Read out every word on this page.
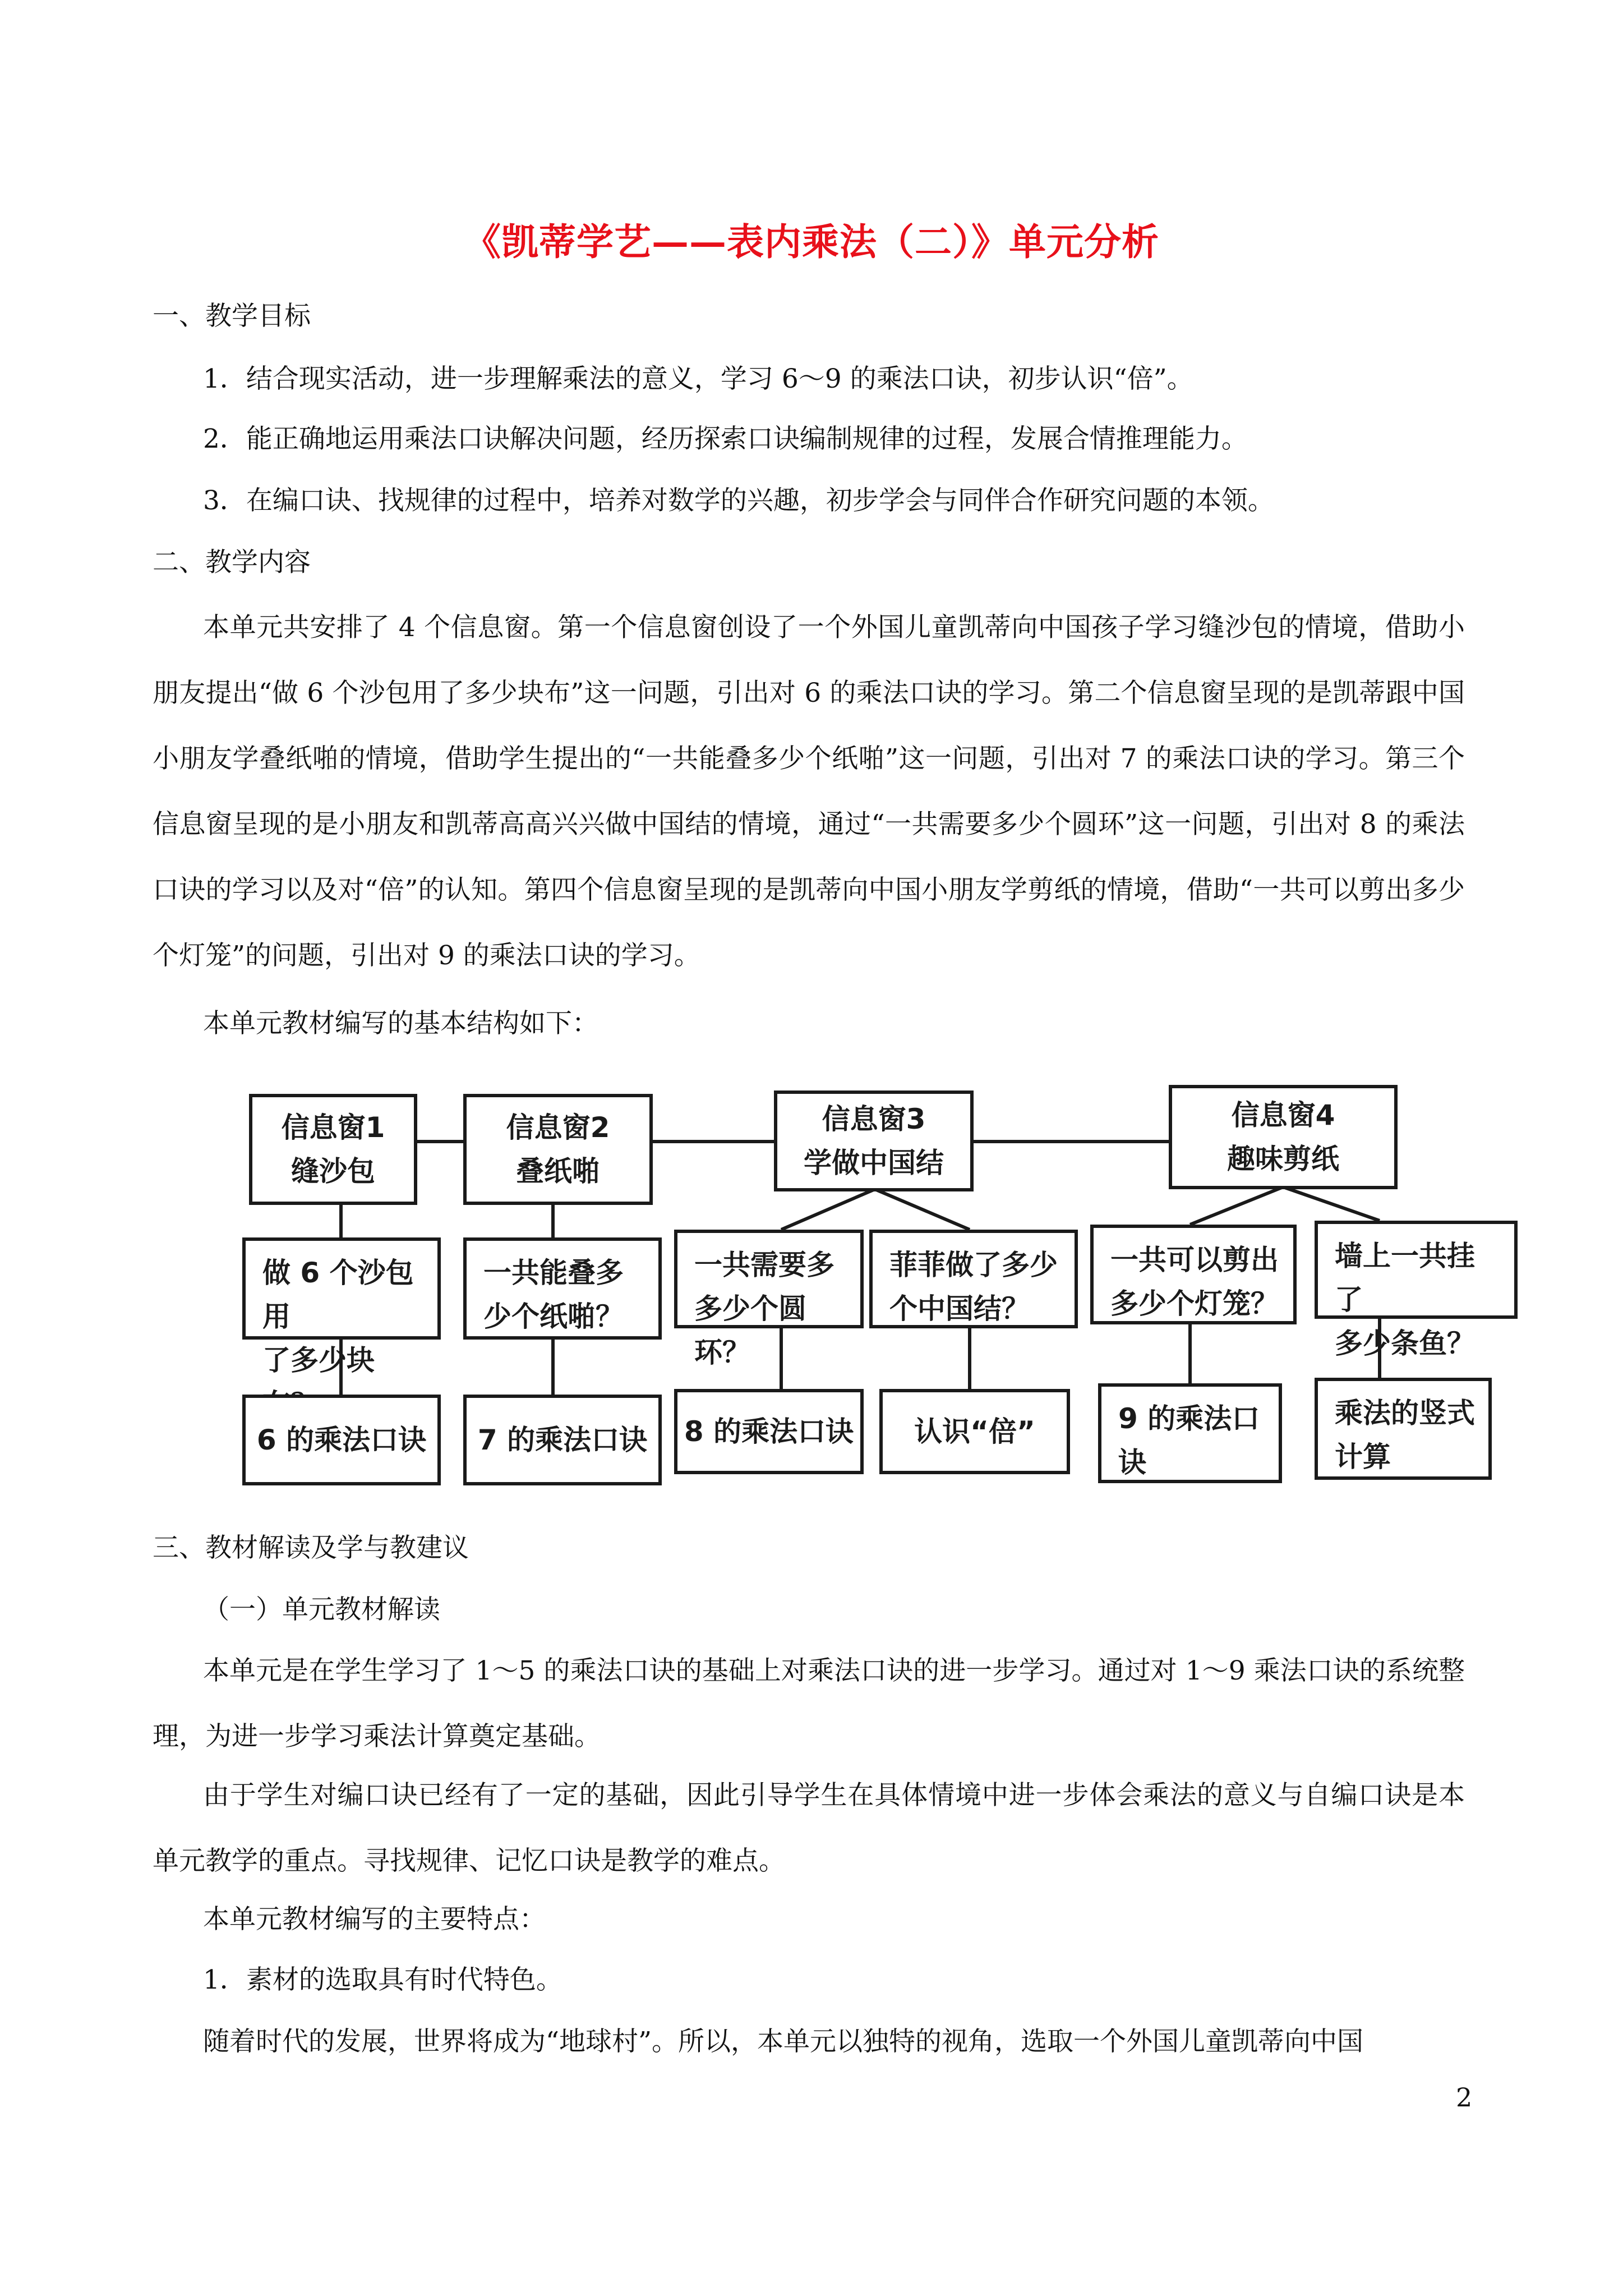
《凯蒂学艺——表内乘法（二）》单元分析
一、教学目标
1．结合现实活动，进一步理解乘法的意义，学习 6～9 的乘法口诀，初步认识“倍”。
2．能正确地运用乘法口诀解决问题，经历探索口诀编制规律的过程，发展合情推理能力。
3．在编口诀、找规律的过程中，培养对数学的兴趣，初步学会与同伴合作研究问题的本领。
二、教学内容
本单元共安排了 4 个信息窗。第一个信息窗创设了一个外国儿童凯蒂向中国孩子学习缝沙包的情境，借助小朋友提出“做 6 个沙包用了多少块布”这一问题，引出对 6 的乘法口诀的学习。第二个信息窗呈现的是凯蒂跟中国小朋友学叠纸啪的情境，借助学生提出的“一共能叠多少个纸啪”这一问题，引出对 7 的乘法口诀的学习。第三个信息窗呈现的是小朋友和凯蒂高高兴兴做中国结的情境，通过“一共需要多少个圆环”这一问题，引出对 8 的乘法口诀的学习以及对“倍”的认知。第四个信息窗呈现的是凯蒂向中国小朋友学剪纸的情境，借助“一共可以剪出多少个灯笼”的问题，引出对 9 的乘法口诀的学习。
本单元教材编写的基本结构如下：
信息窗1
缝沙包
信息窗2
叠纸啪
信息窗3
学做中国结
信息窗4
趣味剪纸
做 6 个沙包用
了多少块
一共能叠多
少个纸啪？
一共需要多
多少个圆环？
菲菲做了多少
个中国结？
一共可以剪出
多少个灯笼？
墙上一共挂了
多少条鱼？
6 的乘法口诀 7 的乘法口诀 8 的乘法口诀 认识“倍”	9 的乘法口
诀
乘法的竖式
计算
三、教材解读及学与教建议
（一）单元教材解读
本单元是在学生学习了 1～5 的乘法口诀的基础上对乘法口诀的进一步学习。通过对 1～9 乘法口诀的系统整理，为进一步学习乘法计算奠定基础。
由于学生对编口诀已经有了一定的基础，因此引导学生在具体情境中进一步体会乘法的意义与自编口诀是本单元教学的重点。寻找规律、记忆口诀是教学的难点。
本单元教材编写的主要特点：
1．素材的选取具有时代特色。
随着时代的发展，世界将成为“地球村”。所以，本单元以独特的视角，选取一个外国儿童凯蒂向中国
2
